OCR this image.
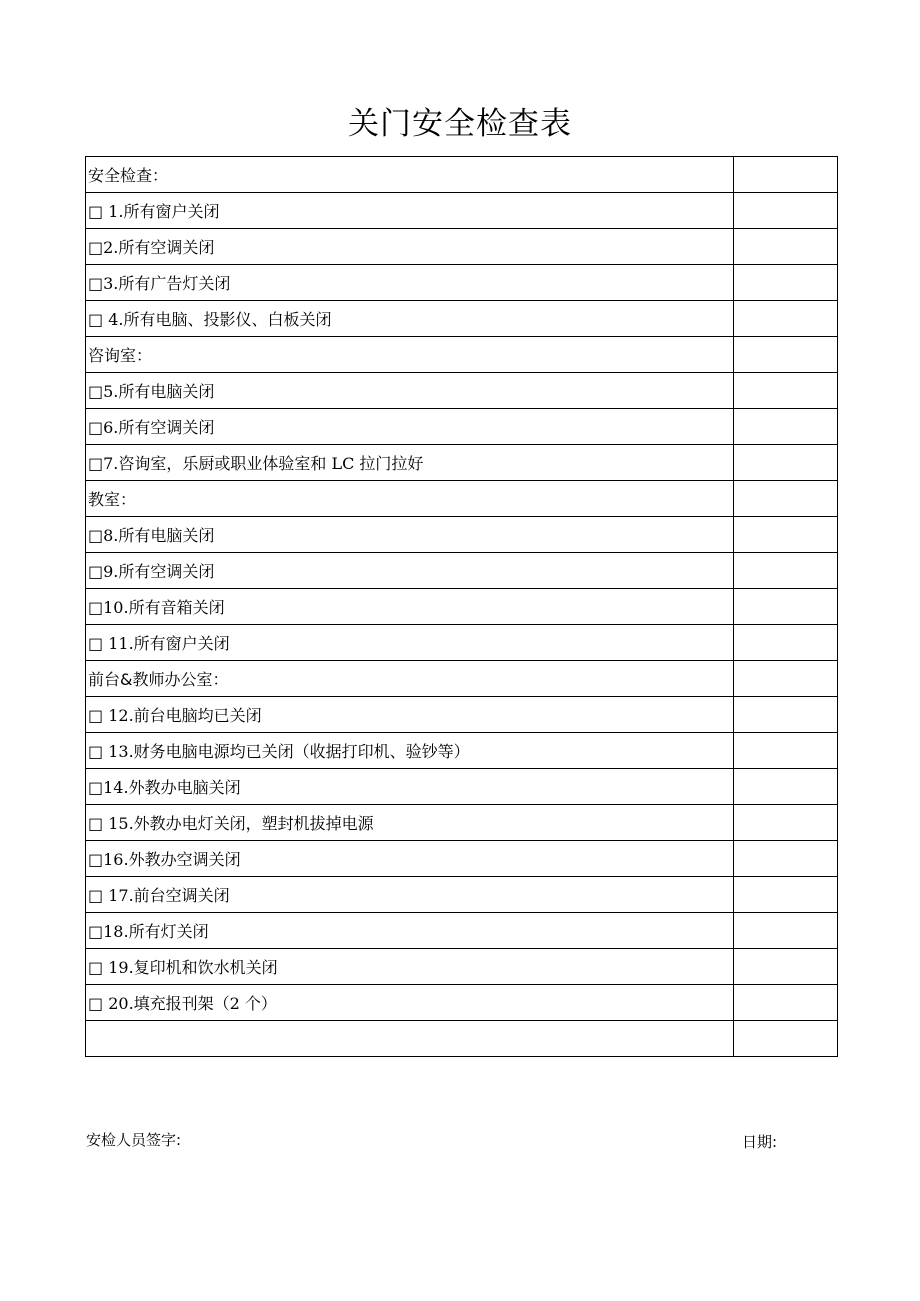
关门安全检查表
安全检查：	
□ 1.所有窗户关闭	
□2.所有空调关闭	
□3.所有广告灯关闭	
□ 4.所有电脑、投影仪、白板关闭	
咨询室：	
□5.所有电脑关闭	
□6.所有空调关闭	
□7.咨询室，乐厨或职业体验室和 LC 拉门拉好	
教室：	
□8.所有电脑关闭	
□9.所有空调关闭	
□10.所有音箱关闭	
□ 11.所有窗户关闭	
前台&教师办公室：	
□ 12.前台电脑均已关闭	
□ 13.财务电脑电源均已关闭（收据打印机、验钞等）	
□14.外教办电脑关闭	
□ 15.外教办电灯关闭，塑封机拔掉电源	
□16.外教办空调关闭	
□ 17.前台空调关闭	
□18.所有灯关闭	
□ 19.复印机和饮水机关闭	
□ 20.填充报刊架（2 个）	

安检人员签字:	日期:
